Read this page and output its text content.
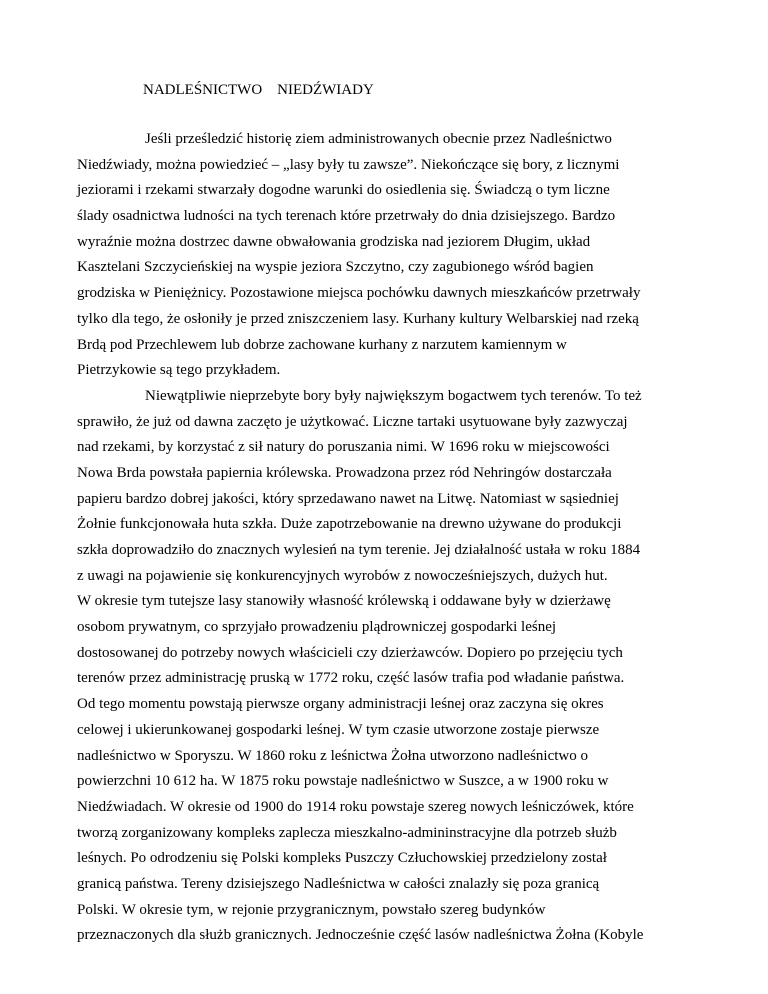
NADLEŚNICTWO    NIEDŹWIADY
Jeśli prześledzić historię ziem administrowanych obecnie przez Nadleśnictwo
Niedźwiady, można powiedzieć – „lasy były tu zawsze”. Niekończące się bory, z licznymi
jeziorami i rzekami stwarzały dogodne warunki do osiedlenia się. Świadczą o tym liczne
ślady osadnictwa ludności na tych terenach które przetrwały do dnia dzisiejszego. Bardzo
wyraźnie można dostrzec dawne obwałowania grodziska nad jeziorem Długim, układ
Kasztelani Szczycieńskiej na wyspie jeziora Szczytno, czy zagubionego wśród bagien
grodziska w Pieniężnicy. Pozostawione miejsca pochówku dawnych mieszkańców przetrwały
tylko dla tego, że osłoniły je przed zniszczeniem lasy. Kurhany kultury Welbarskiej nad rzeką
Brdą pod Przechlewem lub dobrze zachowane kurhany z narzutem kamiennym w
Pietrzykowie są tego przykładem.
Niewątpliwie nieprzebyte bory były największym bogactwem tych terenów. To też
sprawiło, że już od dawna zaczęto je użytkować. Liczne tartaki usytuowane były zazwyczaj
nad rzekami, by korzystać z sił natury do poruszania nimi. W 1696 roku w miejscowości
Nowa Brda powstała papiernia królewska. Prowadzona przez ród Nehringów dostarczała
papieru bardzo dobrej jakości, który sprzedawano nawet na Litwę. Natomiast w sąsiedniej
Żołnie funkcjonowała huta szkła. Duże zapotrzebowanie na drewno używane do produkcji
szkła doprowadziło do znacznych wylesień na tym terenie. Jej działalność ustała w roku 1884
z uwagi na pojawienie się konkurencyjnych wyrobów z nowocześniejszych, dużych hut.
W okresie tym tutejsze lasy stanowiły własność królewską i oddawane były w dzierżawę
osobom prywatnym, co sprzyjało prowadzeniu plądrowniczej gospodarki leśnej
dostosowanej do potrzeby nowych właścicieli czy dzierżawców. Dopiero po przejęciu tych
terenów przez administrację pruską w 1772 roku, część lasów trafia pod władanie państwa.
Od tego momentu powstają pierwsze organy administracji leśnej oraz zaczyna się okres
celowej i ukierunkowanej gospodarki leśnej. W tym czasie utworzone zostaje pierwsze
nadleśnictwo w Sporyszu. W 1860 roku z leśnictwa Żołna utworzono nadleśnictwo o
powierzchni 10 612 ha. W 1875 roku powstaje nadleśnictwo w Suszce, a w 1900 roku w
Niedźwiadach. W okresie od 1900 do 1914 roku powstaje szereg nowych leśniczówek, które
tworzą zorganizowany kompleks zaplecza mieszkalno-admininstracyjne dla potrzeb służb
leśnych. Po odrodzeniu się Polski kompleks Puszczy Człuchowskiej przedzielony został
granicą państwa. Tereny dzisiejszego Nadleśnictwa w całości znalazły się poza granicą
Polski. W okresie tym, w rejonie przygranicznym, powstało szereg budynków
przeznaczonych dla służb granicznych. Jednocześnie część lasów nadleśnictwa Żołna (Kobyle
